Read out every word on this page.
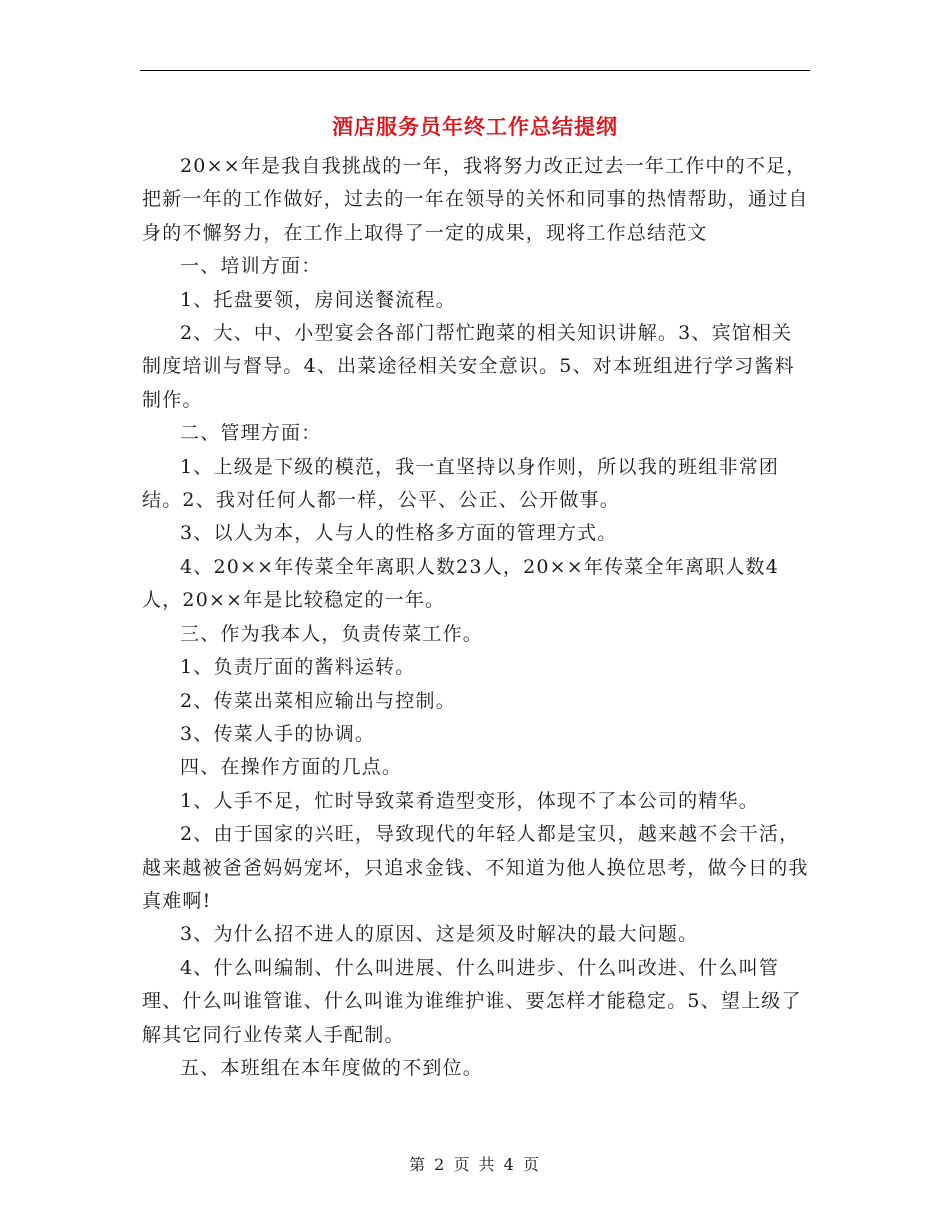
酒店服务员年终工作总结提纲

20××年是我自我挑战的一年，我将努力改正过去一年工作中的不足，把新一年的工作做好，过去的一年在领导的关怀和同事的热情帮助，通过自身的不懈努力，在工作上取得了一定的成果，现将工作总结范文

一、培训方面：

1、托盘要领，房间送餐流程。

2、大、中、小型宴会各部门帮忙跑菜的相关知识讲解。3、宾馆相关制度培训与督导。4、出菜途径相关安全意识。5、对本班组进行学习酱料制作。

二、管理方面：

1、上级是下级的模范，我一直坚持以身作则，所以我的班组非常团结。2、我对任何人都一样，公平、公正、公开做事。

3、以人为本，人与人的性格多方面的管理方式。

4、20××年传菜全年离职人数23人，20××年传菜全年离职人数4人，20××年是比较稳定的一年。

三、作为我本人，负责传菜工作。

1、负责厅面的酱料运转。

2、传菜出菜相应输出与控制。

3、传菜人手的协调。

四、在操作方面的几点。

1、人手不足，忙时导致菜肴造型变形，体现不了本公司的精华。

2、由于国家的兴旺，导致现代的年轻人都是宝贝，越来越不会干活，越来越被爸爸妈妈宠坏，只追求金钱、不知道为他人换位思考，做今日的我真难啊!

3、为什么招不进人的原因、这是须及时解决的最大问题。

4、什么叫编制、什么叫进展、什么叫进步、什么叫改进、什么叫管理、什么叫谁管谁、什么叫谁为谁维护谁、要怎样才能稳定。5、望上级了解其它同行业传菜人手配制。

五、本班组在本年度做的不到位。

第 2 页 共 4 页
